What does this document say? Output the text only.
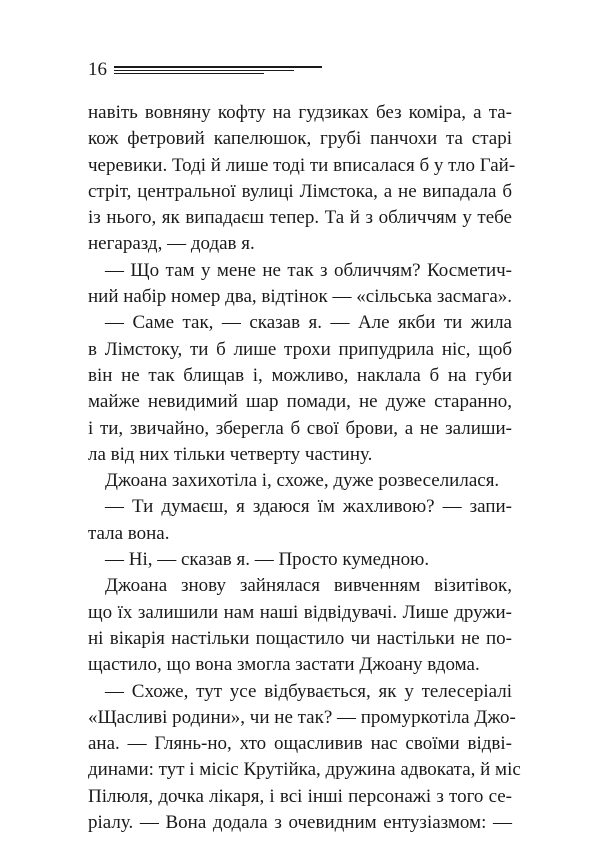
16
навіть вовняну кофту на гудзиках без коміра, а та-
кож фетровий капелюшок, грубі панчохи та старі
черевики. Тоді й лише тоді ти вписалася б у тло Гай-
стріт, центральної вулиці Лімстока, а не випадала б
із нього, як випадаєш тепер. Та й з обличчям у тебе
негаразд, — додав я.
— Що там у мене не так з обличчям? Косметич-
ний набір номер два, відтінок — «сільська засмага».
— Саме так, — сказав я. — Але якби ти жила
в Лімстоку, ти б лише трохи припудрила ніс, щоб
він не так блищав і, можливо, наклала б на губи
майже невидимий шар помади, не дуже старанно,
і ти, звичайно, зберегла б свої брови, а не залиши-
ла від них тільки четверту частину.
Джоана захихотіла і, схоже, дуже розвеселилася.
— Ти думаєш, я здаюся їм жахливою? — запи-
тала вона.
— Ні, — сказав я. — Просто кумедною.
Джоана знову зайнялася вивченням візитівок,
що їх залишили нам наші відвідувачі. Лише дружи-
ні вікарія настільки пощастило чи настільки не по-
щастило, що вона змогла застати Джоану вдома.
— Схоже, тут усе відбувається, як у телесеріалі
«Щасливі родини», чи не так? — промуркотіла Джо-
ана. — Глянь-но, хто ощасливив нас своїми відві-
динами: тут і місіс Крутійка, дружина адвоката, й міс
Пілюля, дочка лікаря, і всі інші персонажі з того се-
ріалу. — Вона додала з очевидним ентузіазмом: —
